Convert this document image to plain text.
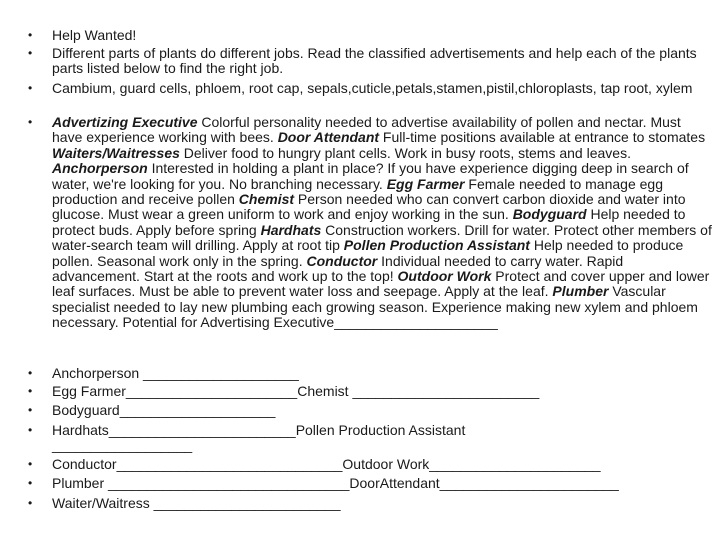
• Help Wanted!
• Different parts of plants do different jobs. Read the classified advertisements and help each of the plants parts listed below to find the right job.
• Cambium, guard cells, phloem, root cap, sepals,cuticle,petals,stamen,pistil,chloroplasts, tap root, xylem
• Advertizing Executive Colorful personality needed to advertise availability of pollen and nectar. Must have experience working with bees. Door Attendant Full-time positions available at entrance to stomates Waiters/Waitresses Deliver food to hungry plant cells. Work in busy roots, stems and leaves. Anchorperson Interested in holding a plant in place? If you have experience digging deep in search of water, we're looking for you. No branching necessary. Egg Farmer Female needed to manage egg production and receive pollen Chemist Person needed who can convert carbon dioxide and water into glucose. Must wear a green uniform to work and enjoy working in the sun. Bodyguard Help needed to protect buds. Apply before spring Hardhats Construction workers. Drill for water. Protect other members of water-search team will drilling. Apply at root tip Pollen Production Assistant Help needed to produce pollen. Seasonal work only in the spring. Conductor Individual needed to carry water. Rapid advancement. Start at the roots and work up to the top! Outdoor Work Protect and cover upper and lower leaf surfaces. Must be able to prevent water loss and seepage. Apply at the leaf. Plumber Vascular specialist needed to lay new plumbing each growing season. Experience making new xylem and phloem necessary. Potential for Advertising Executive_____________________
• Anchorperson ____________________
• Egg Farmer______________________Chemist ________________________
• Bodyguard____________________
• Hardhats________________________Pollen Production Assistant
__________________
• Conductor_____________________________Outdoor Work______________________
• Plumber _______________________________DoorAttendant_______________________
• Waiter/Waitress ________________________
